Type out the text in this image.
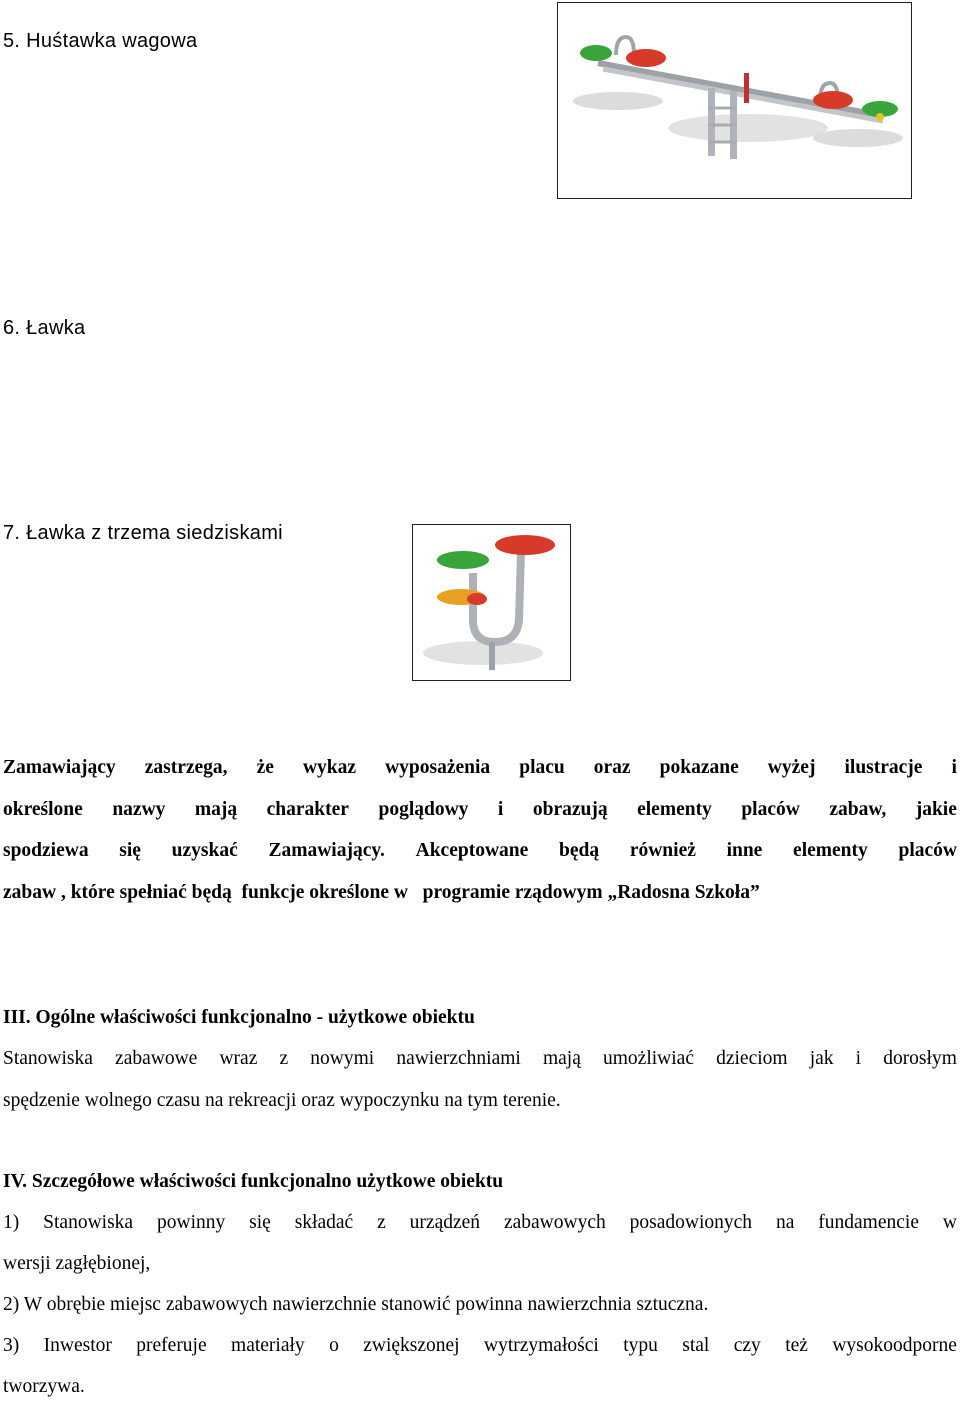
5. Huśtawka wagowa
6. Ławka
7. Ławka z trzema siedziskami
Zamawiający zastrzega, że wykaz wyposażenia placu oraz pokazane wyżej ilustracje i
określone nazwy mają charakter poglądowy i obrazują elementy placów zabaw, jakie
spodziewa się uzyskać Zamawiający. Akceptowane będą również inne elementy placów
zabaw , które spełniać będą  funkcje określone w   programie rządowym „Radosna Szkoła”
III. Ogólne właściwości funkcjonalno - użytkowe obiektu
Stanowiska zabawowe wraz z nowymi nawierzchniami mają umożliwiać dzieciom jak i dorosłym
spędzenie wolnego czasu na rekreacji oraz wypoczynku na tym terenie.
IV. Szczegółowe właściwości funkcjonalno użytkowe obiektu
1) Stanowiska powinny się składać z urządzeń zabawowych posadowionych na fundamencie w
wersji zagłębionej,
2) W obrębie miejsc zabawowych nawierzchnie stanowić powinna nawierzchnia sztuczna.
3) Inwestor preferuje materiały o zwiększonej wytrzymałości typu stal czy też wysokoodporne
tworzywa.
